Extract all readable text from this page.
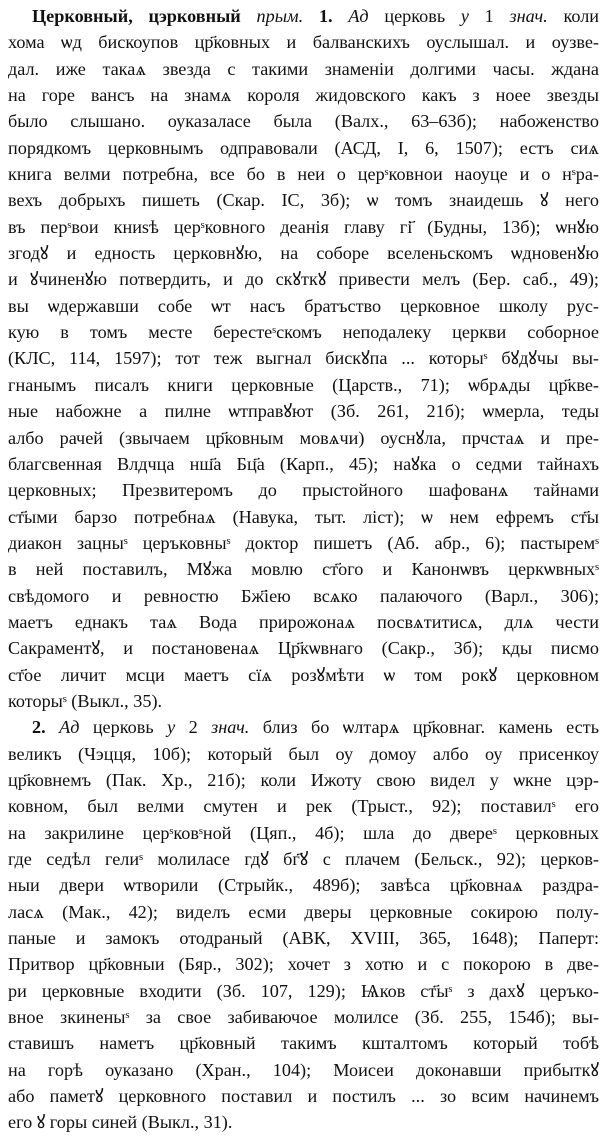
Церковный, цэрковный прым. 1. Ад церковь у 1 знач. коли
хома ѡд бискоупов цр҃ковных и балванскихъ оуслышал. и оузве-
дал. иже такаѧ звезда с такими знаменіи долгими часы. ждана
на горе вансъ на знамѧ короля жидовского какъ з ноее звезды
было слышано. оуказаласе была (Валх., 63–63б); набоженство
порядкомъ церковнымъ одправовали (АСД, І, 6, 1507); естъ сиѧ
книга велми потребна, все бо в неи о церˢковнои наоуце и о нˢра-
вехъ добрыхъ пишеть (Скар. ІС, 3б); ѡ томъ знаидешь ꙋ него
въ перˢвои книѕѣ церˢковного деанія главу гі҃ (Будны, 13б); ѡнꙋю
згодꙋ и едность церковнꙋю, на соборе вселеньскомъ ѡдновенꙋю
и ꙋчиненꙋю потвердить, и до скꙋткꙋ привести мелъ (Бер. саб., 49);
вы ѡдержавши собе ѡт насъ братъство церковное школу рус-
кую в томъ месте берестеˢскомъ неподалеку церкви соборное
(КЛС, 114, 1597); тот теж выгнал бискꙋпа ... которыˢ бꙋдꙋчы вы-
гнанымъ писалъ книги церковные (Царств., 71); ѡбрѧды цр҃кве-
ные набожне а пилне ѡтправꙋют (Зб. 261, 21б); ѡмерла, теды
албо рачей (звычаем цр҃ковным мовѧчи) оуснꙋла, прчстаѧ и пре-
благсвенная Влдчца нш҃а Бц҃а (Карп., 45); наꙋка о седми тайнахъ
церковных; Презвитеромъ до прыстойного шафованѧ тайнами
ст҃ыми барзо потребнаѧ (Навука, тыт. ліст); ѡ нем ефремъ ст҃ы
диакон зацныˢ церъковныˢ доктор пишетъ (Аб. абр., 6); пастыремˢ
в ней поставилъ, Мꙋжа мовлю ст҃ого и Канонѡвъ церкѡвныхˢ
свѣдомого и ревностю Бж҃іею всѧко палаючого (Варл., 306);
маетъ еднакъ таѧ Вода прирожонаѧ посвѧтитисѧ, длѧ чести
Сакраментꙋ, и постановенаѧ Цр҃кѡвнаго (Сакр., 3б); кды писмо
ст҃ое личит мсци маетъ сїѧ розꙋмѣти ѡ том рокꙋ церковном
которыˢ (Выкл., 35).
2. Ад церковь у 2 знач. близ бо ѡлтарѧ цр҃ковнаг. камень есть
великъ (Чэцця, 10б); который был оу домоу албо оу присенкоу
цр҃ковнемъ (Пак. Хр., 21б); коли Ижоту свою видел у ѡкне цэр-
ковном, был велми смутен и рек (Трыст., 92); поставилˢ его
на закрилине церˢковˢной (Цяп., 4б); шла до двереˢ церковных
где седѣл гелиˢ молиласе гдꙋ бг҃ꙋ с плачем (Бельск., 92); церков-
ныи двери ѡтворили (Стрыйк., 489б); завѣса цр҃ковнаѧ раздра-
ласѧ (Мак., 42); виделъ есми дверы церковные сокирою полу-
паные и замокъ отодраный (АВК, ХVIII, 365, 1648); Паперт:
Притвор цр҃ковныи (Бяр., 302); хочет з хотю и с покорою в две-
ри церковные входити (Зб. 107, 129); Ѩков ст҃ыˢ з дахꙋ церъко-
вное зкиненыˢ за свое забиваючое молилсе (Зб. 255, 154б); вы-
ставишъ наметъ цр҃ковный такимъ кшталтомъ который тобѣ
на горѣ оуказано (Хран., 104); Моисеи доконавши прибыткꙋ
або паметꙋ церковного поставил и постилъ ... зо всим начинемъ
его ꙋ горы синей (Выкл., 31).
